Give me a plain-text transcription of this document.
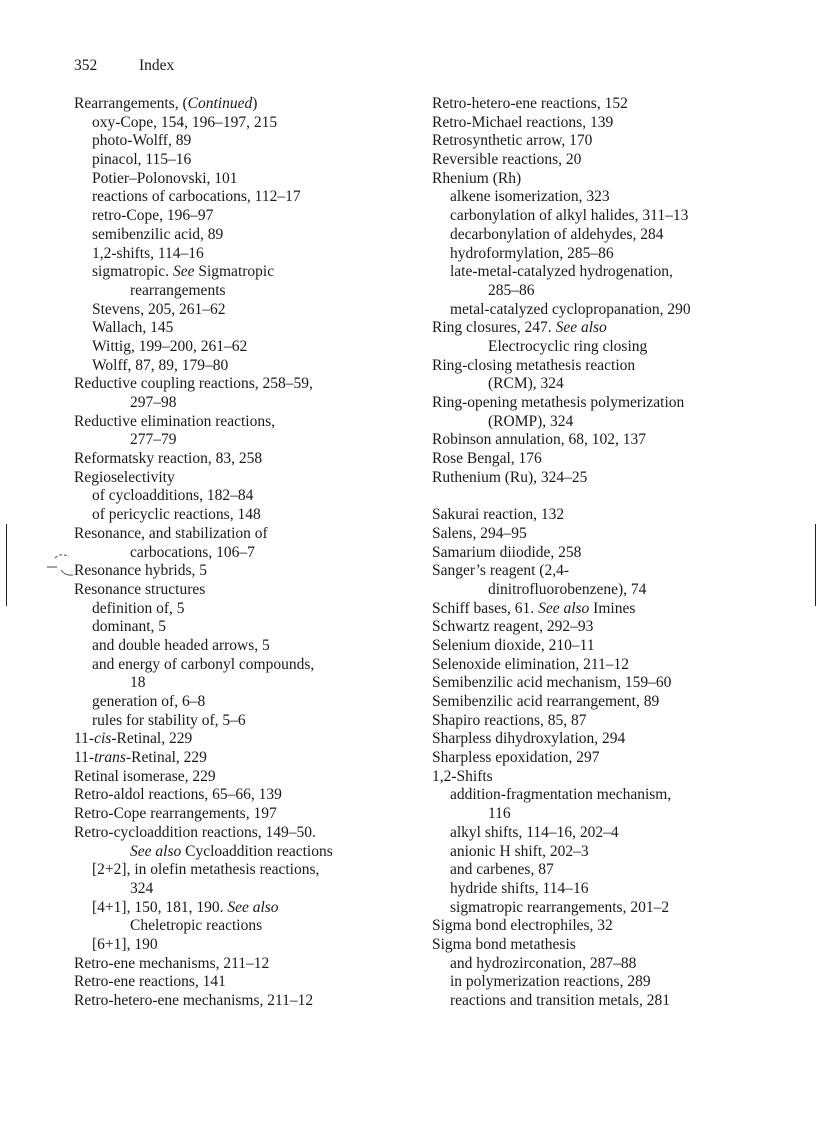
352	Index
Rearrangements, (Continued)
oxy-Cope, 154, 196–197, 215
photo-Wolff, 89
pinacol, 115–16
Potier–Polonovski, 101
reactions of carbocations, 112–17
retro-Cope, 196–97
semibenzilic acid, 89
1,2-shifts, 114–16
sigmatropic. See Sigmatropic
rearrangements
Stevens, 205, 261–62
Wallach, 145
Wittig, 199–200, 261–62
Wolff, 87, 89, 179–80
Reductive coupling reactions, 258–59,
297–98
Reductive elimination reactions,
277–79
Reformatsky reaction, 83, 258
Regioselectivity
of cycloadditions, 182–84
of pericyclic reactions, 148
Resonance, and stabilization of
carbocations, 106–7
Resonance hybrids, 5
Resonance structures
definition of, 5
dominant, 5
and double headed arrows, 5
and energy of carbonyl compounds,
18
generation of, 6–8
rules for stability of, 5–6
11-cis-Retinal, 229
11-trans-Retinal, 229
Retinal isomerase, 229
Retro-aldol reactions, 65–66, 139
Retro-Cope rearrangements, 197
Retro-cycloaddition reactions, 149–50.
See also Cycloaddition reactions
[2+2], in olefin metathesis reactions,
324
[4+1], 150, 181, 190. See also
Cheletropic reactions
[6+1], 190
Retro-ene mechanisms, 211–12
Retro-ene reactions, 141
Retro-hetero-ene mechanisms, 211–12
Retro-hetero-ene reactions, 152
Retro-Michael reactions, 139
Retrosynthetic arrow, 170
Reversible reactions, 20
Rhenium (Rh)
alkene isomerization, 323
carbonylation of alkyl halides, 311–13
decarbonylation of aldehydes, 284
hydroformylation, 285–86
late-metal-catalyzed hydrogenation,
285–86
metal-catalyzed cyclopropanation, 290
Ring closures, 247. See also
Electrocyclic ring closing
Ring-closing metathesis reaction
(RCM), 324
Ring-opening metathesis polymerization
(ROMP), 324
Robinson annulation, 68, 102, 137
Rose Bengal, 176
Ruthenium (Ru), 324–25
Sakurai reaction, 132
Salens, 294–95
Samarium diiodide, 258
Sanger’s reagent (2,4-
dinitrofluorobenzene), 74
Schiff bases, 61. See also Imines
Schwartz reagent, 292–93
Selenium dioxide, 210–11
Selenoxide elimination, 211–12
Semibenzilic acid mechanism, 159–60
Semibenzilic acid rearrangement, 89
Shapiro reactions, 85, 87
Sharpless dihydroxylation, 294
Sharpless epoxidation, 297
1,2-Shifts
addition-fragmentation mechanism,
116
alkyl shifts, 114–16, 202–4
anionic H shift, 202–3
and carbenes, 87
hydride shifts, 114–16
sigmatropic rearrangements, 201–2
Sigma bond electrophiles, 32
Sigma bond metathesis
and hydrozirconation, 287–88
in polymerization reactions, 289
reactions and transition metals, 281
